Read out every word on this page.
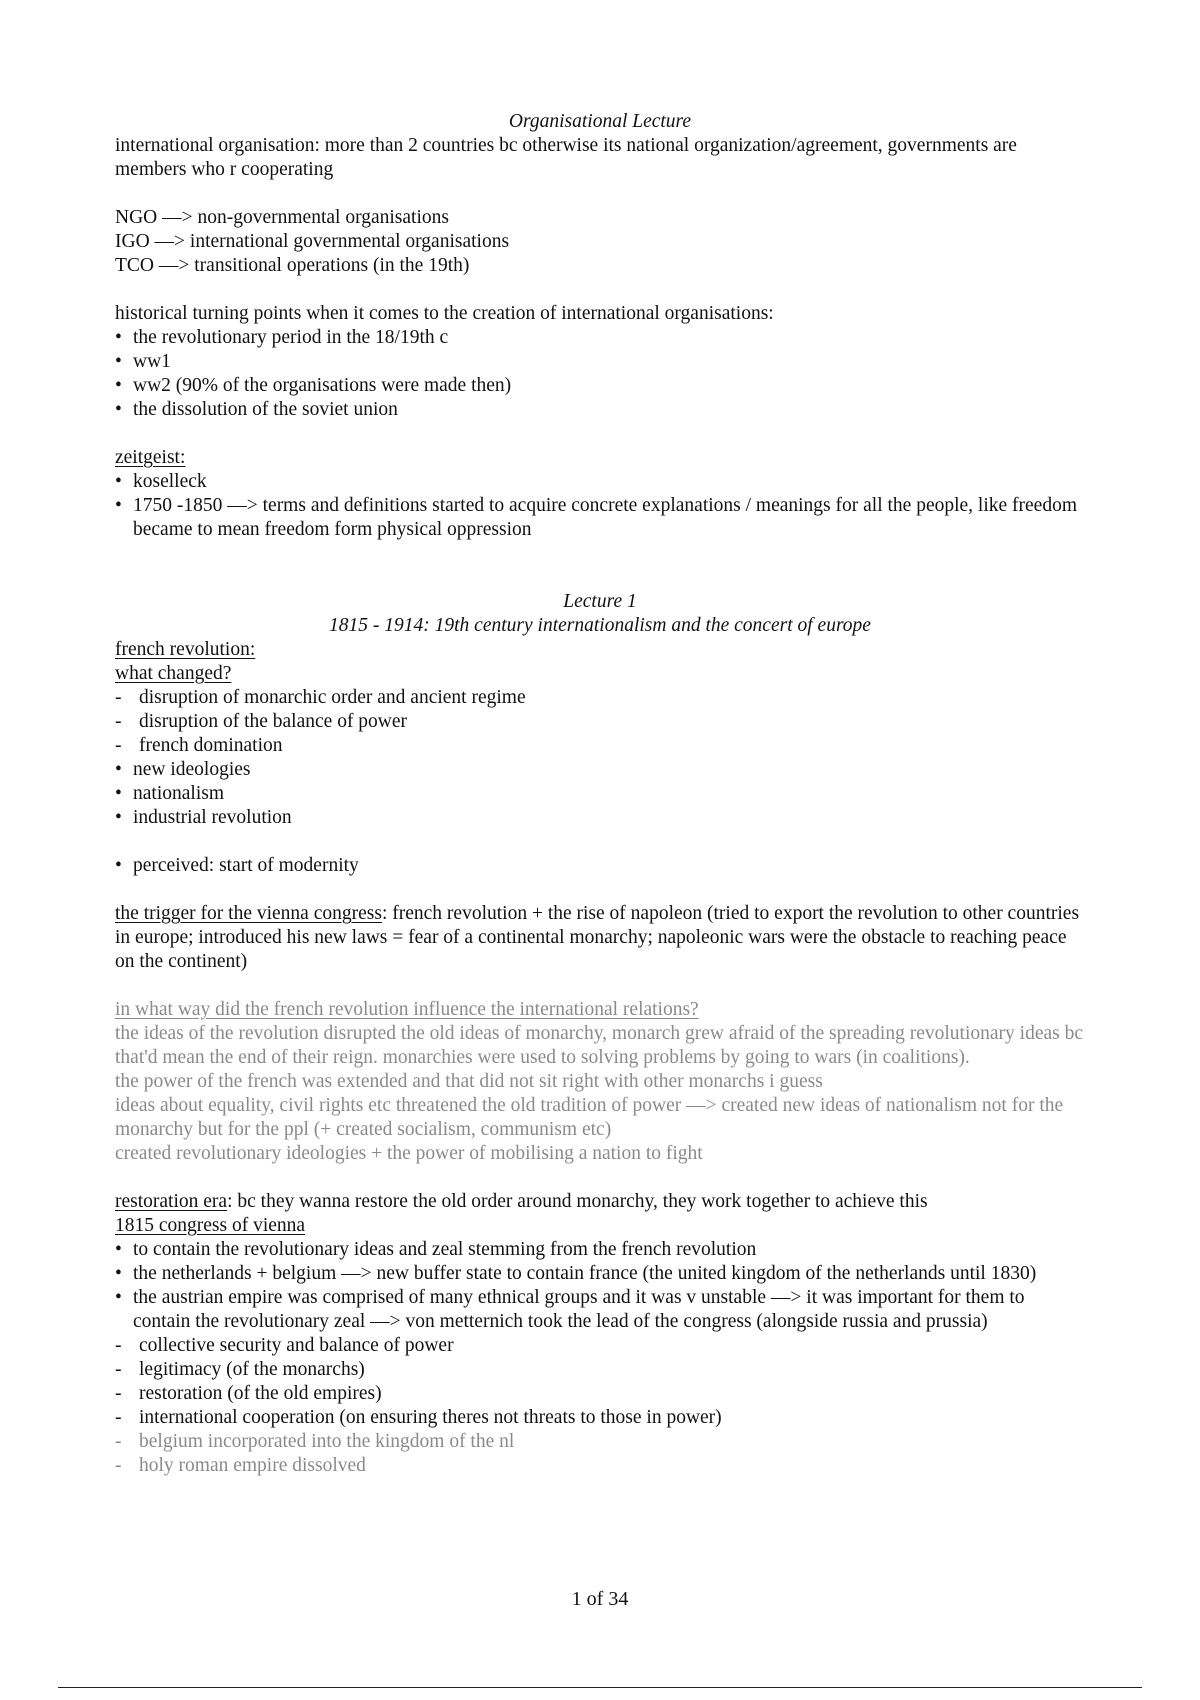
Organisational Lecture

international organisation: more than 2 countries bc otherwise its national organization/agreement, governments are members who r cooperating

NGO —> non-governmental organisations

IGO —> international governmental organisations

TCO —> transitional operations (in the 19th)

historical turning points when it comes to the creation of international organisations:

• the revolutionary period in the 18/19th c
• ww1
• ww2 (90% of the organisations were made then)
• the dissolution of the soviet union

zeitgeist:

• koselleck
• 1750 -1850 —> terms and definitions started to acquire concrete explanations / meanings for all the people, like freedom became to mean freedom form physical oppression

Lecture 1

1815 - 1914: 19th century internationalism and the concert of europe

french revolution:

what changed?

- disruption of monarchic order and ancient regime
- disruption of the balance of power
- french domination
• new ideologies
• nationalism
• industrial revolution
• perceived: start of modernity

the trigger for the vienna congress: french revolution + the rise of napoleon (tried to export the revolution to other countries in europe; introduced his new laws = fear of a continental monarchy; napoleonic wars were the obstacle to reaching peace on the continent)

in what way did the french revolution influence the international relations?

the ideas of the revolution disrupted the old ideas of monarchy, monarch grew afraid of the spreading revolutionary ideas bc that'd mean the end of their reign. monarchies were used to solving problems by going to wars (in coalitions).

the power of the french was extended and that did not sit right with other monarchs i guess

ideas about equality, civil rights etc threatened the old tradition of power —> created new ideas of nationalism not for the monarchy but for the ppl (+ created socialism, communism etc)

created revolutionary ideologies + the power of mobilising a nation to fight

restoration era: bc they wanna restore the old order around monarchy, they work together to achieve this

1815 congress of vienna

• to contain the revolutionary ideas and zeal stemming from the french revolution
• the netherlands + belgium —> new buffer state to contain france (the united kingdom of the netherlands until 1830)
• the austrian empire was comprised of many ethnical groups and it was v unstable —> it was important for them to contain the revolutionary zeal —> von metternich took the lead of the congress (alongside russia and prussia)
- collective security and balance of power
- legitimacy (of the monarchs)
- restoration (of the old empires)
- international cooperation (on ensuring theres not threats to those in power)
- belgium incorporated into the kingdom of the nl
- holy roman empire dissolved
1 of 34
